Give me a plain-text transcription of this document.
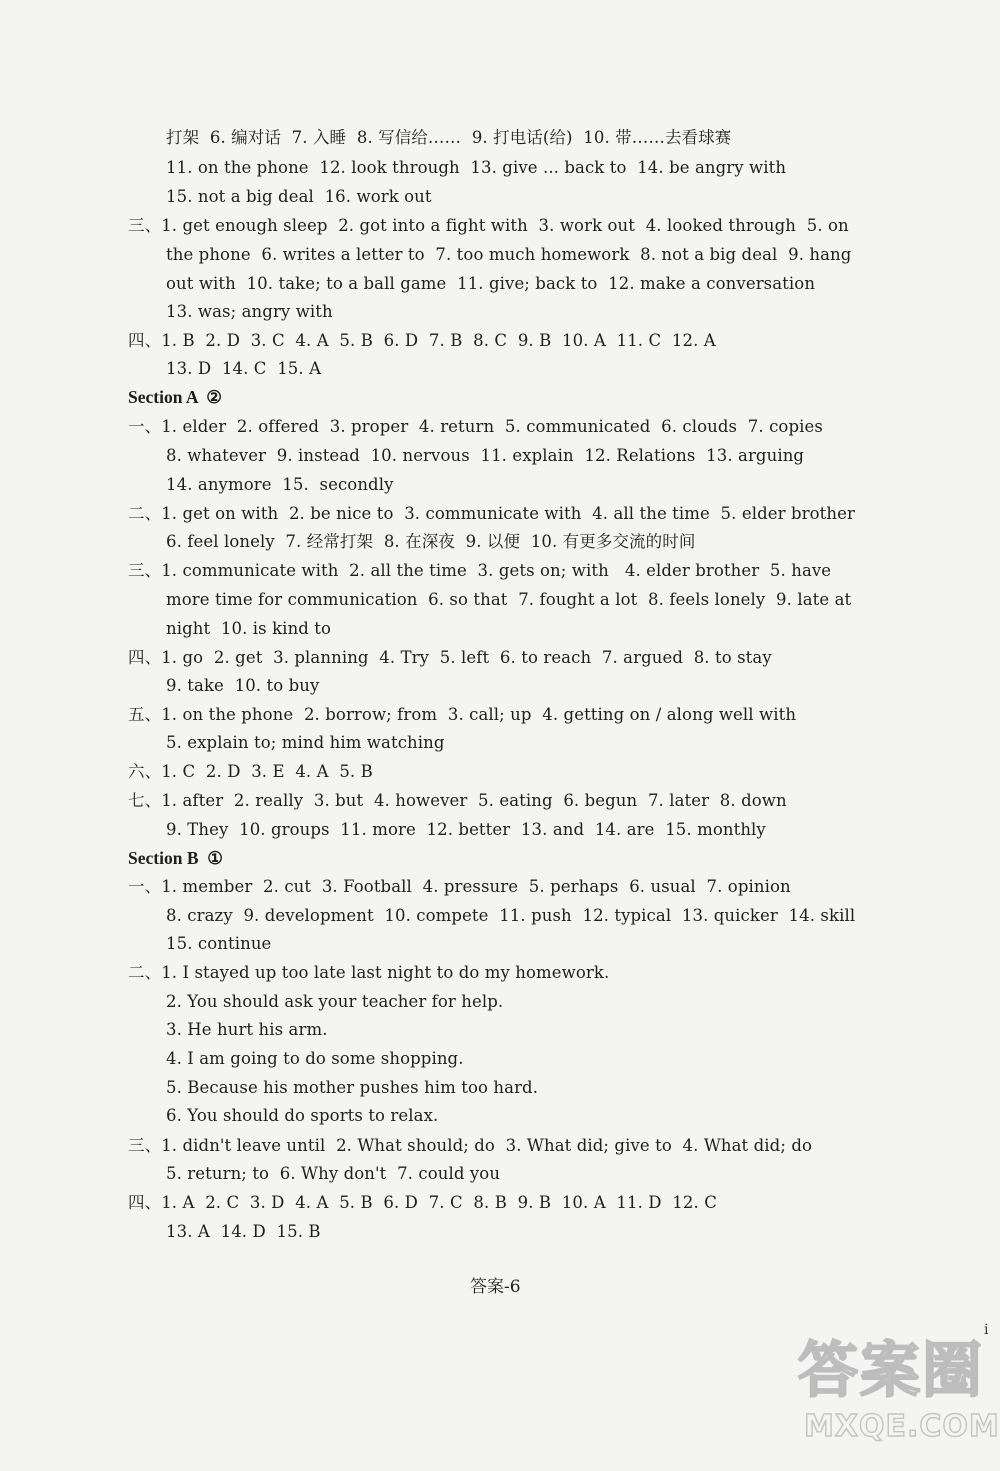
打架  6. 编对话  7. 入睡  8. 写信给……  9. 打电话(给)  10. 带……去看球赛
11. on the phone  12. look through  13. give ... back to  14. be angry with
15. not a big deal  16. work out
三、1. get enough sleep  2. got into a fight with  3. work out  4. looked through  5. on
the phone  6. writes a letter to  7. too much homework  8. not a big deal  9. hang
out with  10. take; to a ball game  11. give; back to  12. make a conversation
13. was; angry with
四、1. B  2. D  3. C  4. A  5. B  6. D  7. B  8. C  9. B  10. A  11. C  12. A
13. D  14. C  15. A
Section A  ②
一、1. elder  2. offered  3. proper  4. return  5. communicated  6. clouds  7. copies
8. whatever  9. instead  10. nervous  11. explain  12. Relations  13. arguing
14. anymore  15.  secondly
二、1. get on with  2. be nice to  3. communicate with  4. all the time  5. elder brother
6. feel lonely  7. 经常打架  8. 在深夜  9. 以便  10. 有更多交流的时间
三、1. communicate with  2. all the time  3. gets on; with   4. elder brother  5. have
more time for communication  6. so that  7. fought a lot  8. feels lonely  9. late at
night  10. is kind to
四、1. go  2. get  3. planning  4. Try  5. left  6. to reach  7. argued  8. to stay
9. take  10. to buy
五、1. on the phone  2. borrow; from  3. call; up  4. getting on / along well with
5. explain to; mind him watching
六、1. C  2. D  3. E  4. A  5. B
七、1. after  2. really  3. but  4. however  5. eating  6. begun  7. later  8. down
9. They  10. groups  11. more  12. better  13. and  14. are  15. monthly
Section B  ①
一、1. member  2. cut  3. Football  4. pressure  5. perhaps  6. usual  7. opinion
8. crazy  9. development  10. compete  11. push  12. typical  13. quicker  14. skill
15. continue
二、1. I stayed up too late last night to do my homework.
2. You should ask your teacher for help.
3. He hurt his arm.
4. I am going to do some shopping.
5. Because his mother pushes him too hard.
6. You should do sports to relax.
三、1. didn't leave until  2. What should; do  3. What did; give to  4. What did; do
5. return; to  6. Why don't  7. could you
四、1. A  2. C  3. D  4. A  5. B  6. D  7. C  8. B  9. B  10. A  11. D  12. C
13. A  14. D  15. B
答案-6
i
答案圈
MXQE.COM
